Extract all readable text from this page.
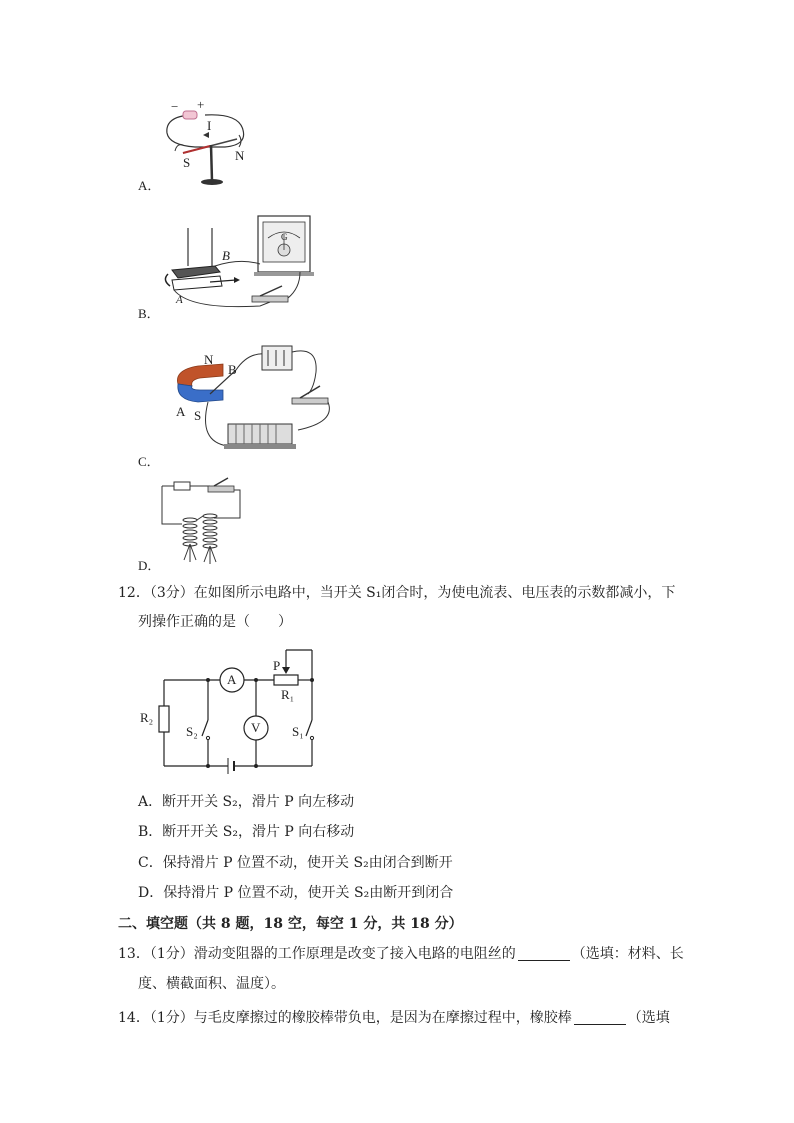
− +
I
S	N
A．
B
A
G
B．
N
B
A S
C．
D．
12．（3分）在如图所示电路中，当开关 S₁闭合时，为使电流表、电压表的示数都减小，下
列操作正确的是（　　）
A
V
P
R₁
R₂
S₂	S₁
A．断开开关 S₂，滑片 P 向左移动
B．断开开关 S₂，滑片 P 向右移动
C．保持滑片 P 位置不动，使开关 S₂由闭合到断开
D．保持滑片 P 位置不动，使开关 S₂由断开到闭合
二、填空题（共 8 题，18 空，每空 1 分，共 18 分）
13．（1分）滑动变阻器的工作原理是改变了接入电路的电阻丝的	（选填：材料、长
度、横截面积、温度）。
14．（1分）与毛皮摩擦过的橡胶棒带负电，是因为在摩擦过程中，橡胶棒	（选填
